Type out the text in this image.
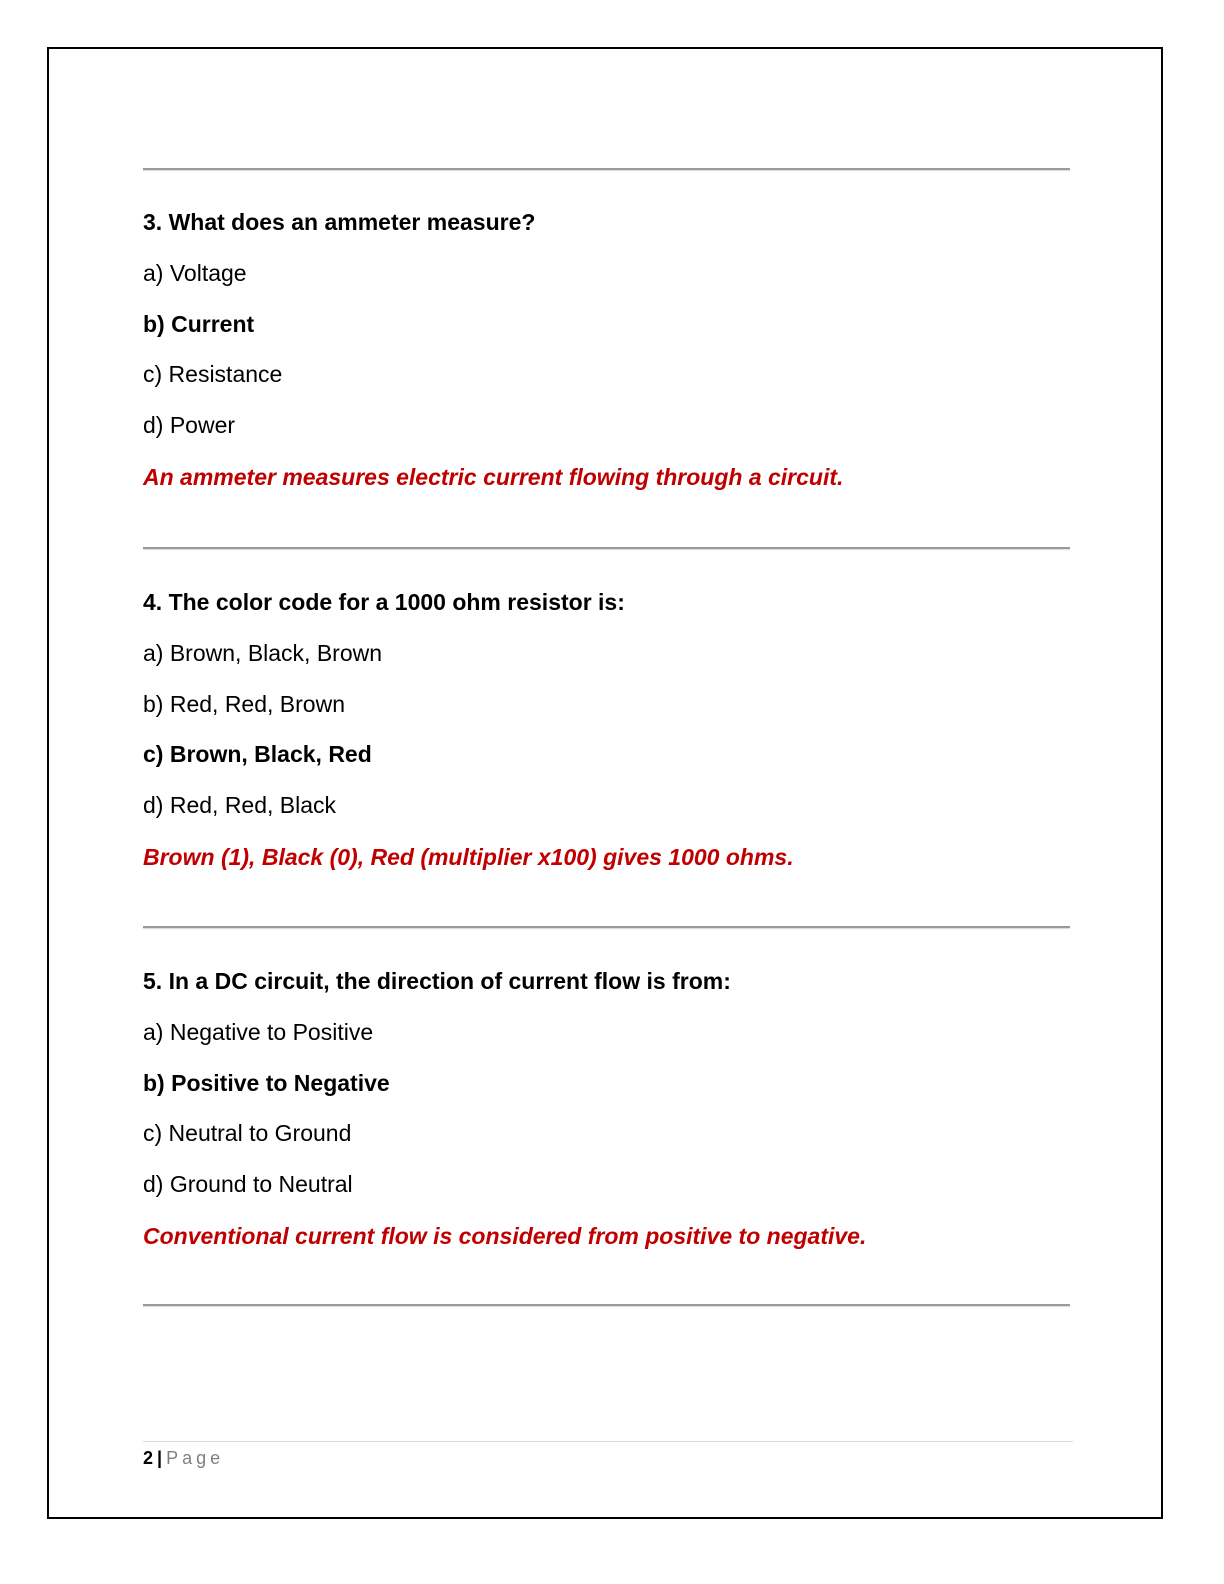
3. What does an ammeter measure?
a) Voltage
b) Current
c) Resistance
d) Power
An ammeter measures electric current flowing through a circuit.
4. The color code for a 1000 ohm resistor is:
a) Brown, Black, Brown
b) Red, Red, Brown
c) Brown, Black, Red
d) Red, Red, Black
Brown (1), Black (0), Red (multiplier x100) gives 1000 ohms.
5. In a DC circuit, the direction of current flow is from:
a) Negative to Positive
b) Positive to Negative
c) Neutral to Ground
d) Ground to Neutral
Conventional current flow is considered from positive to negative.
2 | Page
